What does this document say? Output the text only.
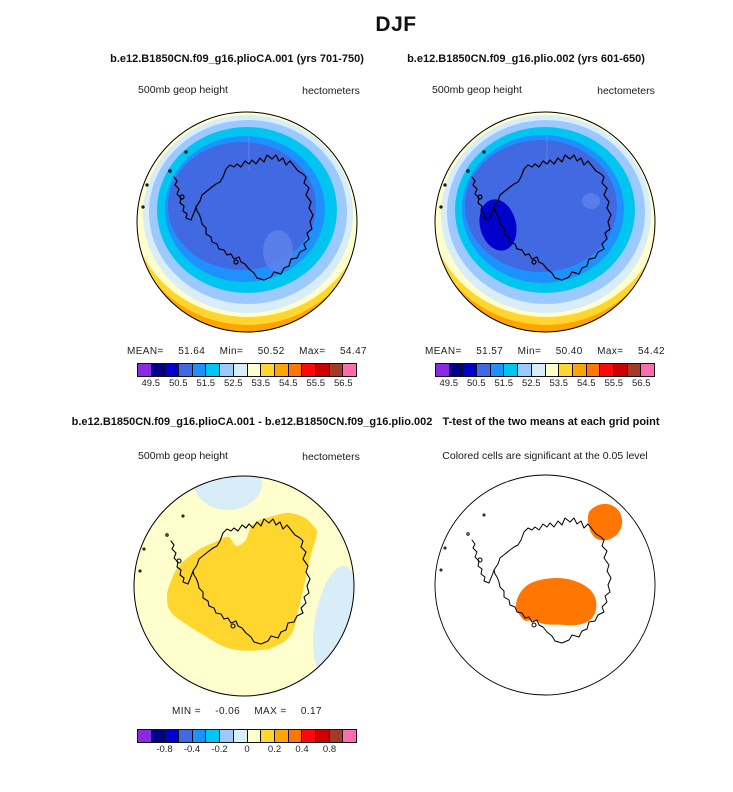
DJF
b.e12.B1850CN.f09_g16.plioCA.001 (yrs 701-750)	b.e12.B1850CN.f09_g16.plio.002 (yrs 601-650)
500mb geop height	hectometers	500mb geop height	hectometers
MEAN= 51.64 Min= 50.52 Max= 54.47	MEAN= 51.57 Min= 50.40 Max= 54.42
49.5 50.5 51.5 52.5 53.5 54.5 55.5 56.5	49.5 50.5 51.5 52.5 53.5 54.5 55.5 56.5
b.e12.B1850CN.f09_g16.plioCA.001 - b.e12.B1850CN.f09_g16.plio.002 T-test of the two means at each grid point
500mb geop height	hectometers	Colored cells are significant at the 0.05 level
MIN = -0.06 MAX = 0.17
-0.8 -0.4 -0.2 0 0.2 0.4 0.8
